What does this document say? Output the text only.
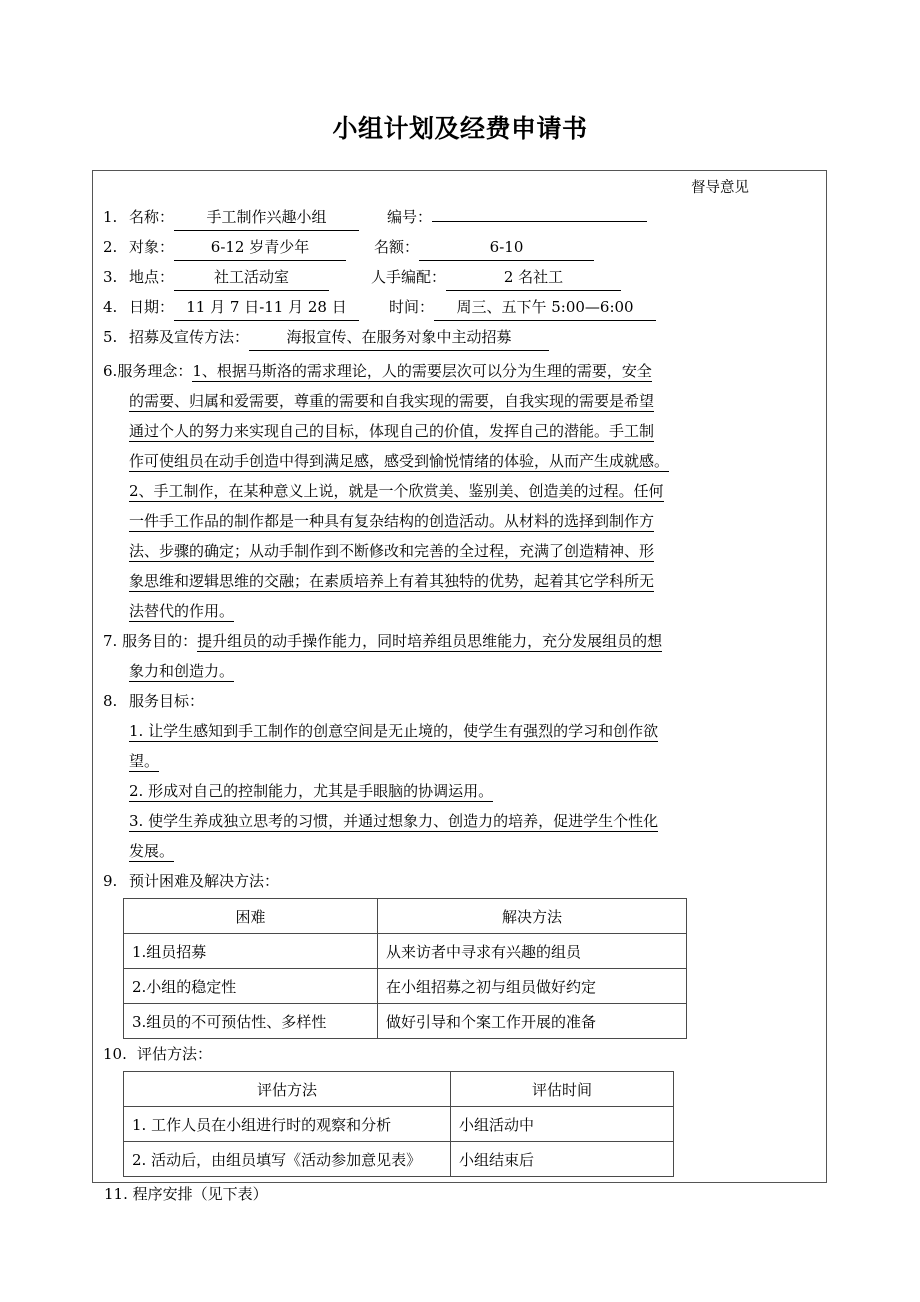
小组计划及经费申请书
督导意见
1. 名称：	手工制作兴趣小组	编号：
2. 对象：	6-12 岁青少年	名额：	6-10
3. 地点：	社工活动室	人手编配：	2 名社工
4. 日期： 11 月 7 日-11 月 28 日	时间：	周三、五下午 5:00—6:00
5. 招募及宣传方法：	海报宣传、在服务对象中主动招募
6.服务理念： 1、根据马斯洛的需求理论，人的需要层次可以分为生理的需要，安全
的需要、归属和爱需要，尊重的需要和自我实现的需要，自我实现的需要是希望
通过个人的努力来实现自己的目标，体现自己的价值，发挥自己的潜能。手工制
作可使组员在动手创造中得到满足感，感受到愉悦情绪的体验，从而产生成就感。
2、手工制作，在某种意义上说，就是一个欣赏美、鉴别美、创造美的过程。任何
一件手工作品的制作都是一种具有复杂结构的创造活动。从材料的选择到制作方
法、步骤的确定；从动手制作到不断修改和完善的全过程，充满了创造精神、形
象思维和逻辑思维的交融；在素质培养上有着其独特的优势，起着其它学科所无
法替代的作用。
7. 服务目的： 提升组员的动手操作能力，同时培养组员思维能力，充分发展组员的想
象力和创造力。
8. 服务目标：
1. 让学生感知到手工制作的创意空间是无止境的，使学生有强烈的学习和创作欲
望。
2. 形成对自己的控制能力，尤其是手眼脑的协调运用。
3. 使学生养成独立思考的习惯，并通过想象力、创造力的培养，促进学生个性化
发展。
9. 预计困难及解决方法：
困难	解决方法
1.组员招募	从来访者中寻求有兴趣的组员
2.小组的稳定性	在小组招募之初与组员做好约定
3.组员的不可预估性、多样性	做好引导和个案工作开展的准备
10. 评估方法：
评估方法	评估时间
1. 工作人员在小组进行时的观察和分析	小组活动中
2. 活动后，由组员填写《活动参加意见表》	小组结束后
11. 程序安排（见下表）
